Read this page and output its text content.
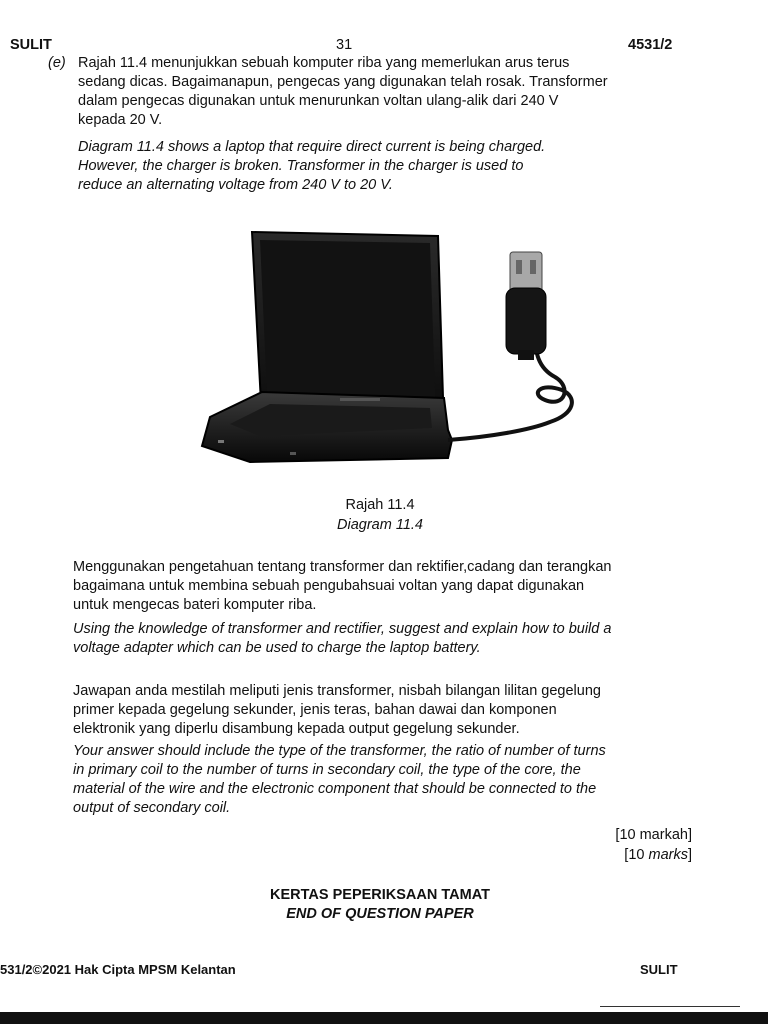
SULIT	31	4531/2
(e) Rajah 11.4 menunjukkan sebuah komputer riba yang memerlukan arus terus
sedang dicas. Bagaimanapun, pengecas yang digunakan telah rosak. Transformer
dalam pengecas digunakan untuk menurunkan voltan ulang-alik dari 240 V
kepada 20 V.
Diagram 11.4 shows a laptop that require direct current is being charged.
However, the charger is broken. Transformer in the charger is used to
reduce an alternating voltage from 240 V to 20 V.
Rajah 11.4
Diagram 11.4
Menggunakan pengetahuan tentang transformer dan rektifier,cadang dan terangkan
bagaimana untuk membina sebuah pengubahsuai voltan yang dapat digunakan
untuk mengecas bateri komputer riba.
Using the knowledge of transformer and rectifier, suggest and explain how to build a
voltage adapter which can be used to charge the laptop battery.
Jawapan anda mestilah meliputi jenis transformer, nisbah bilangan lilitan gegelung
primer kepada gegelung sekunder, jenis teras, bahan dawai dan komponen
elektronik yang diperlu disambung kepada output gegelung sekunder.
Your answer should include the type of the transformer, the ratio of number of turns
in primary coil to the number of turns in secondary coil, the type of the core, the
material of the wire and the electronic component that should be connected to the
output of secondary coil.
[10 markah]
[10 marks]
KERTAS PEPERIKSAAN TAMAT
END OF QUESTION PAPER
531/2©2021 Hak Cipta MPSM Kelantan	SULIT
